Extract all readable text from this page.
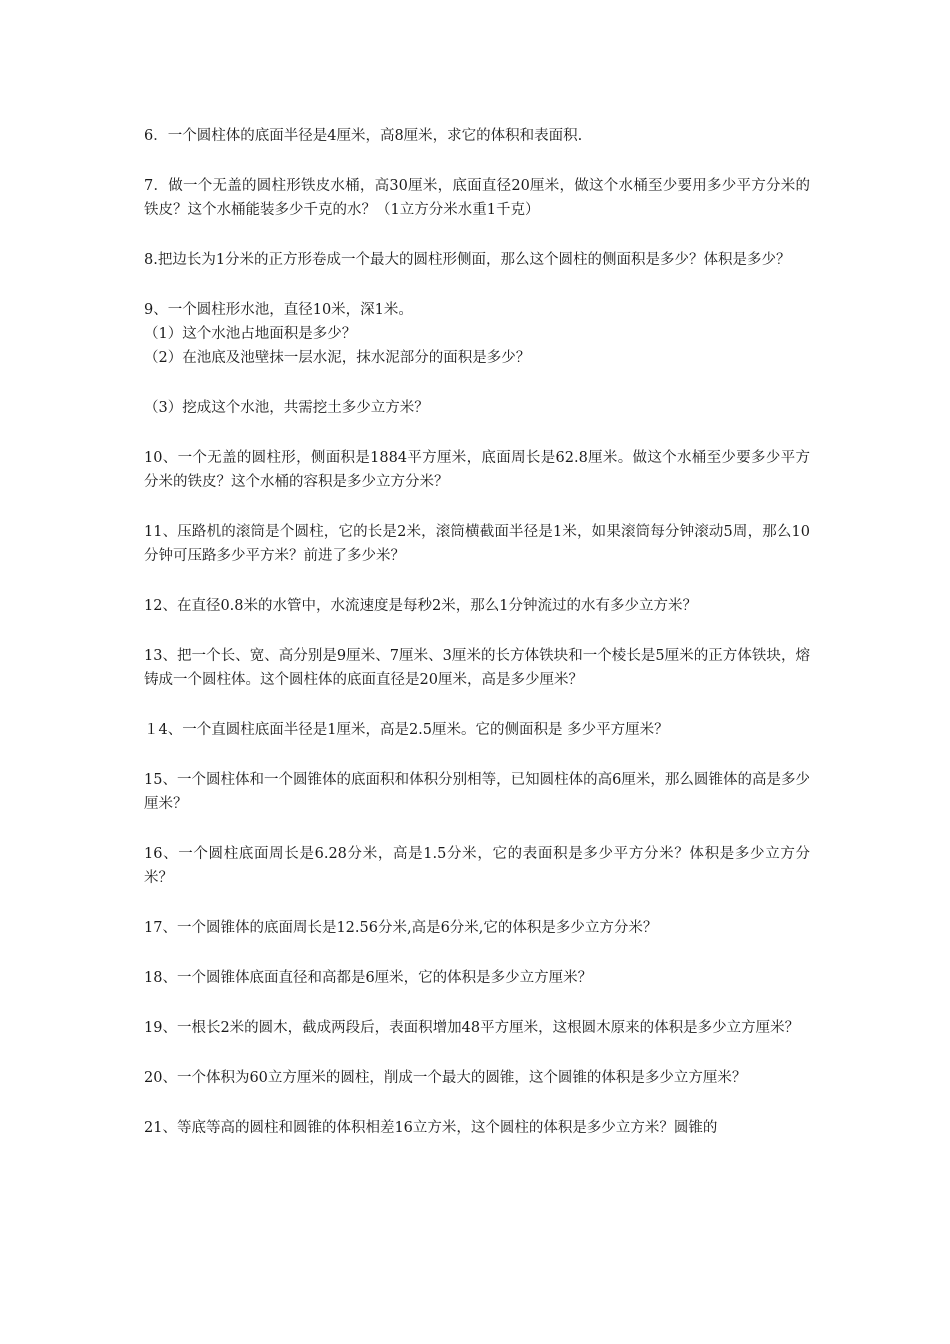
6．一个圆柱体的底面半径是4厘米，高8厘米，求它的体积和表面积.

7．做一个无盖的圆柱形铁皮水桶，高30厘米，底面直径20厘米，做这个水桶至少要用多少平方分米的铁皮？这个水桶能装多少千克的水？（1立方分米水重1千克）

8.把边长为1分米的正方形卷成一个最大的圆柱形侧面，那么这个圆柱的侧面积是多少？体积是多少？

9、一个圆柱形水池，直径10米，深1米。

（1）这个水池占地面积是多少？

（2）在池底及池壁抹一层水泥，抹水泥部分的面积是多少？

（3）挖成这个水池，共需挖土多少立方米？

10、一个无盖的圆柱形，侧面积是1884平方厘米，底面周长是62.8厘米。做这个水桶至少要多少平方分米的铁皮？这个水桶的容积是多少立方分米？

11、压路机的滚筒是个圆柱，它的长是2米，滚筒横截面半径是1米，如果滚筒每分钟滚动5周，那么10分钟可压路多少平方米？前进了多少米？

12、在直径0.8米的水管中，水流速度是每秒2米，那么1分钟流过的水有多少立方米？

13、把一个长、宽、高分别是9厘米、7厘米、3厘米的长方体铁块和一个棱长是5厘米的正方体铁块，熔铸成一个圆柱体。这个圆柱体的底面直径是20厘米，高是多少厘米？

１4、一个直圆柱底面半径是1厘米，高是2.5厘米。它的侧面积是 多少平方厘米？

15、一个圆柱体和一个圆锥体的底面积和体积分别相等，已知圆柱体的高6厘米，那么圆锥体的高是多少厘米？

16、一个圆柱底面周长是6.28分米，高是1.5分米，它的表面积是多少平方分米？体积是多少立方分米？

17、一个圆锥体的底面周长是12.56分米,高是6分米,它的体积是多少立方分米？

18、一个圆锥体底面直径和高都是6厘米，它的体积是多少立方厘米？

19、一根长2米的圆木，截成两段后，表面积增加48平方厘米，这根圆木原来的体积是多少立方厘米？

20、一个体积为60立方厘米的圆柱，削成一个最大的圆锥，这个圆锥的体积是多少立方厘米？

21、等底等高的圆柱和圆锥的体积相差16立方米，这个圆柱的体积是多少立方米？圆锥的
